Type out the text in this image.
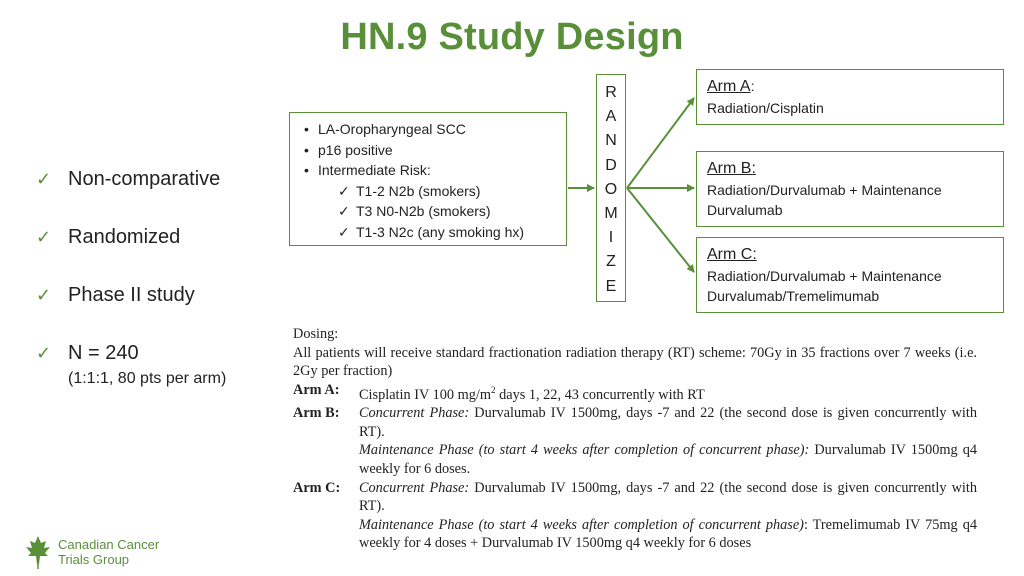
HN.9 Study Design
✓ Non-comparative
✓ Randomized
✓ Phase II study
✓ N = 240
(1:1:1, 80 pts per arm)
• LA-Oropharyngeal SCC
• p16 positive
• Intermediate Risk:
✓ T1-2 N2b (smokers)
✓ T3 N0-N2b (smokers)
✓ T1-3 N2c (any smoking hx)
R
A
N
D
O
M
I
Z
E
Arm A:
Radiation/Cisplatin
Arm B:
Radiation/Durvalumab + Maintenance
Durvalumab
Arm C:
Radiation/Durvalumab + Maintenance
Durvalumab/Tremelimumab
Dosing:
All patients will receive standard fractionation radiation therapy (RT) scheme: 70Gy in 35 fractions over 7 weeks (i.e. 2Gy per fraction)
Arm A:	Cisplatin IV 100 $mg/m^2$ days 1, 22, 43 concurrently with RT
Arm B:	Concurrent Phase: Durvalumab IV 1500mg, days -7 and 22 (the second dose is given concurrently with RT).
Maintenance Phase (to start 4 weeks after completion of concurrent phase): Durvalumab IV 1500mg q4 weekly for 6 doses.
Arm C:	Concurrent Phase: Durvalumab IV 1500mg, days -7 and 22 (the second dose is given concurrently with RT).
Maintenance Phase (to start 4 weeks after completion of concurrent phase): Tremelimumab IV 75mg q4 weekly for 4 doses + Durvalumab IV 1500mg q4 weekly for 6 doses
Canadian Cancer
Trials Group
